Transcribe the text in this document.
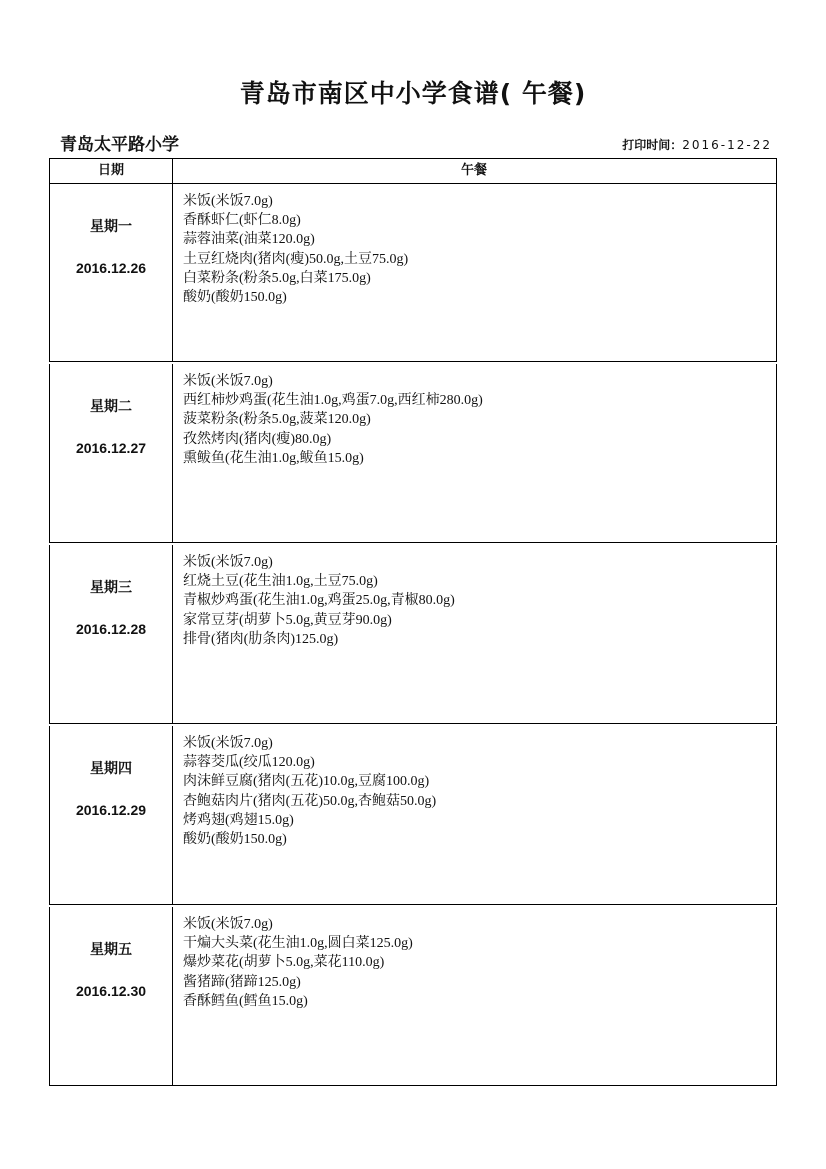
青岛市南区中小学食谱( 午餐)
青岛太平路小学	打印时间：2016-12-22
日期	午餐
星期一
2016.12.26
米饭(米饭7.0g)
香酥虾仁(虾仁8.0g)
蒜蓉油菜(油菜120.0g)
土豆红烧肉(猪肉(瘦)50.0g,土豆75.0g)
白菜粉条(粉条5.0g,白菜175.0g)
酸奶(酸奶150.0g)
星期二
2016.12.27
米饭(米饭7.0g)
西红柿炒鸡蛋(花生油1.0g,鸡蛋7.0g,西红柿280.0g)
菠菜粉条(粉条5.0g,菠菜120.0g)
孜然烤肉(猪肉(瘦)80.0g)
熏鲅鱼(花生油1.0g,鲅鱼15.0g)
星期三
2016.12.28
米饭(米饭7.0g)
红烧土豆(花生油1.0g,土豆75.0g)
青椒炒鸡蛋(花生油1.0g,鸡蛋25.0g,青椒80.0g)
家常豆芽(胡萝卜5.0g,黄豆芽90.0g)
排骨(猪肉(肋条肉)125.0g)
星期四
2016.12.29
米饭(米饭7.0g)
蒜蓉茭瓜(绞瓜120.0g)
肉沫鲜豆腐(猪肉(五花)10.0g,豆腐100.0g)
杏鲍菇肉片(猪肉(五花)50.0g,杏鲍菇50.0g)
烤鸡翅(鸡翅15.0g)
酸奶(酸奶150.0g)
星期五
2016.12.30
米饭(米饭7.0g)
干煸大头菜(花生油1.0g,圆白菜125.0g)
爆炒菜花(胡萝卜5.0g,菜花110.0g)
酱猪蹄(猪蹄125.0g)
香酥鳕鱼(鳕鱼15.0g)
